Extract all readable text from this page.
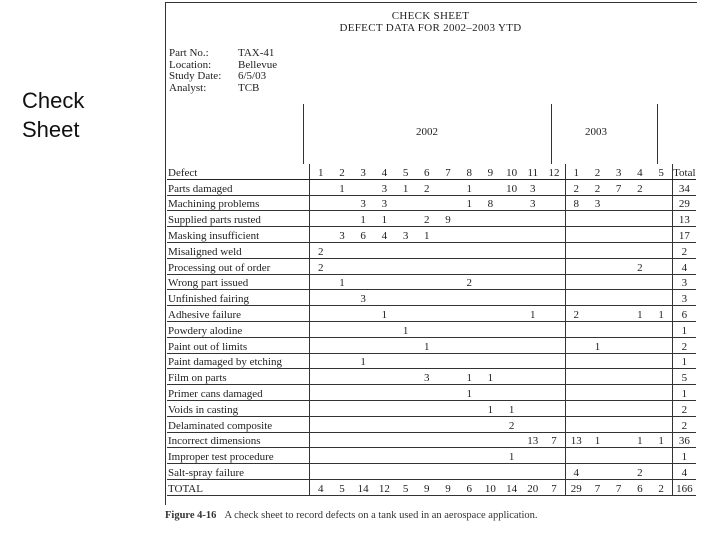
Check
Sheet
CHECK SHEET
DEFECT DATA FOR 2002–2003 YTD
Part No.:	TAX-41
Location:	Bellevue
Study Date:	6/5/03
Analyst:	TCB
2002	2003
Defect	1	2	3	4	5	6	7	8	9	10	11	12	1	2	3	4	5	Total
Parts damaged		1		3	1	2		1		10	3		2	2	7	2		34
Machining problems			3	3				1	8		3		8	3				29
Supplied parts rusted			1	1		2	9											13
Masking insufficient		3	6	4	3	1												17
Misaligned weld	2																	2
Processing out of order	2															2		4
Wrong part issued		1						2										3
Unfinished fairing			3															3
Adhesive failure				1							1		2			1	1	6
Powdery alodine					1													1
Paint out of limits						1								1				2
Paint damaged by etching			1															1
Film on parts						3		1	1									5
Primer cans damaged								1										1
Voids in casting									1	1								2
Delaminated composite										2								2
Incorrect dimensions											13	7	13	1		1	1	36
Improper test procedure										1								1
Salt-spray failure													4			2		4
TOTAL	4	5	14	12	5	9	9	6	10	14	20	7	29	7	7	6	2	166
Figure 4-16 A check sheet to record defects on a tank used in an aerospace application.
